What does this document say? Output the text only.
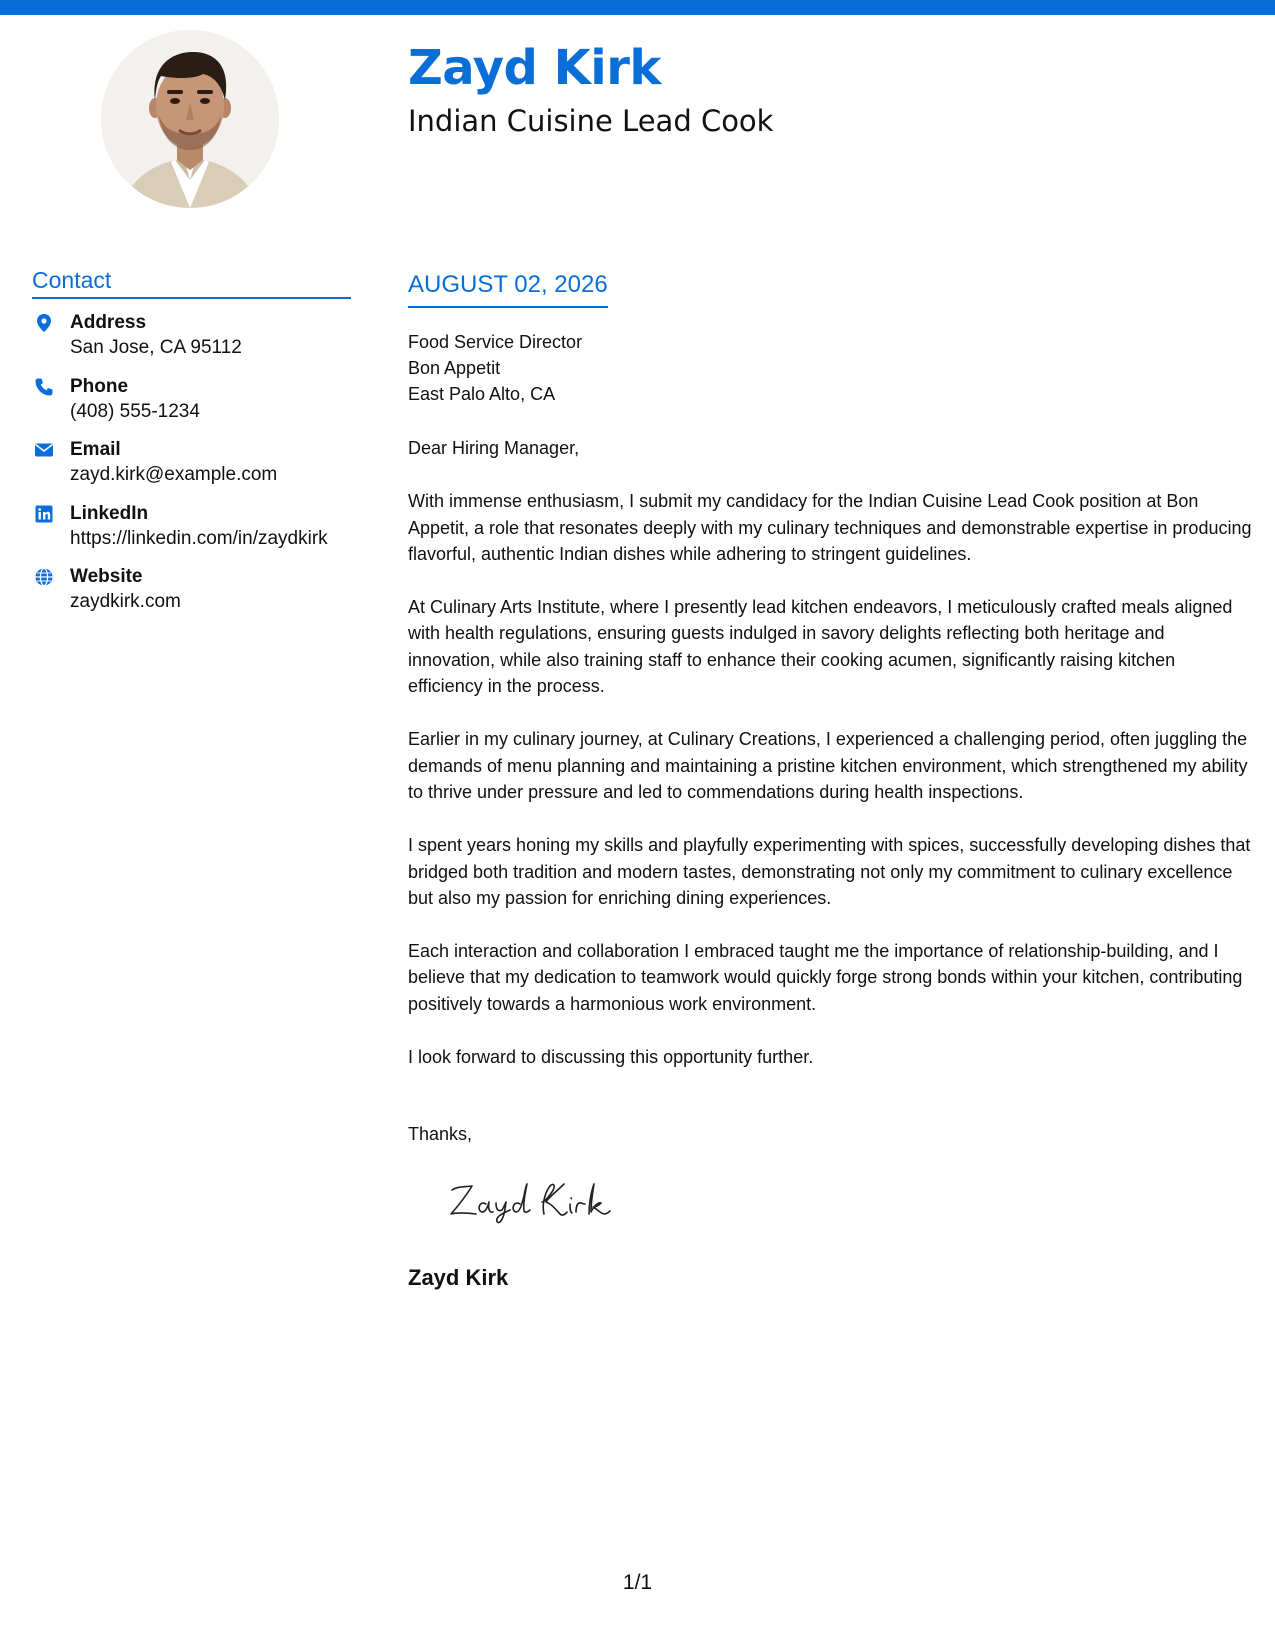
Zayd Kirk
Indian Cuisine Lead Cook
Contact
Address
San Jose, CA 95112
Phone
(408) 555-1234
Email
zayd.kirk@example.com
LinkedIn
https://linkedin.com/in/zaydkirk
Website
zaydkirk.com
AUGUST 02, 2026
Food Service Director
Bon Appetit
East Palo Alto, CA

Dear Hiring Manager,

With immense enthusiasm, I submit my candidacy for the Indian Cuisine Lead Cook position at Bon Appetit, a role that resonates deeply with my culinary techniques and demonstrable expertise in producing flavorful, authentic Indian dishes while adhering to stringent guidelines.

At Culinary Arts Institute, where I presently lead kitchen endeavors, I meticulously crafted meals aligned with health regulations, ensuring guests indulged in savory delights reflecting both heritage and innovation, while also training staff to enhance their cooking acumen, significantly raising kitchen efficiency in the process.

Earlier in my culinary journey, at Culinary Creations, I experienced a challenging period, often juggling the demands of menu planning and maintaining a pristine kitchen environment, which strengthened my ability to thrive under pressure and led to commendations during health inspections.

I spent years honing my skills and playfully experimenting with spices, successfully developing dishes that bridged both tradition and modern tastes, demonstrating not only my commitment to culinary excellence but also my passion for enriching dining experiences.

Each interaction and collaboration I embraced taught me the importance of relationship-building, and I believe that my dedication to teamwork would quickly forge strong bonds within your kitchen, contributing positively towards a harmonious work environment.

I look forward to discussing this opportunity further.

Thanks,
Zayd Kirk
1/1
